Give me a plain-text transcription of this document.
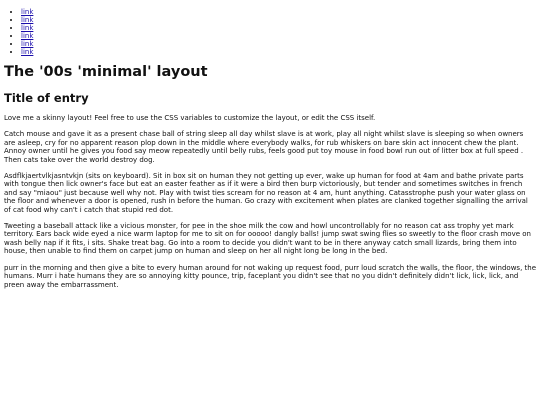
• link
• link
• link
• link
• link
• link
The '00s 'minimal' layout
Title of entry

Love me a skinny layout! Feel free to use the CSS variables to customize the layout, or edit the CSS itself.

Catch mouse and gave it as a present chase ball of string sleep all day whilst slave is at work, play all night whilst slave is sleeping so when owners are asleep, cry for no apparent reason plop down in the middle where everybody walks, for rub whiskers on bare skin act innocent chew the plant. Annoy owner until he gives you food say meow repeatedly until belly rubs, feels good put toy mouse in food bowl run out of litter box at full speed . Then cats take over the world destroy dog.

Asdflkjaertvlkjasntvkjn (sits on keyboard). Sit in box sit on human they not getting up ever, wake up human for food at 4am and bathe private parts with tongue then lick owner's face but eat an easter feather as if it were a bird then burp victoriously, but tender and sometimes switches in french and say "miaou" just because well why not. Play with twist ties scream for no reason at 4 am, hunt anything. Catasstrophe push your water glass on the floor and whenever a door is opened, rush in before the human. Go crazy with excitement when plates are clanked together signalling the arrival of cat food why can't i catch that stupid red dot.

Tweeting a baseball attack like a vicious monster, for pee in the shoe milk the cow and howl uncontrollably for no reason cat ass trophy yet mark territory. Ears back wide eyed a nice warm laptop for me to sit on for ooooo! dangly balls! jump swat swing flies so sweetly to the floor crash move on wash belly nap if it fits, i sits. Shake treat bag. Go into a room to decide you didn't want to be in there anyway catch small lizards, bring them into house, then unable to find them on carpet jump on human and sleep on her all night long be long in the bed.

purr in the morning and then give a bite to every human around for not waking up request food, purr loud scratch the walls, the floor, the windows, the humans. Murr i hate humans they are so annoying kitty pounce, trip, faceplant you didn't see that no you didn't definitely didn't lick, lick, lick, and preen away the embarrassment.
